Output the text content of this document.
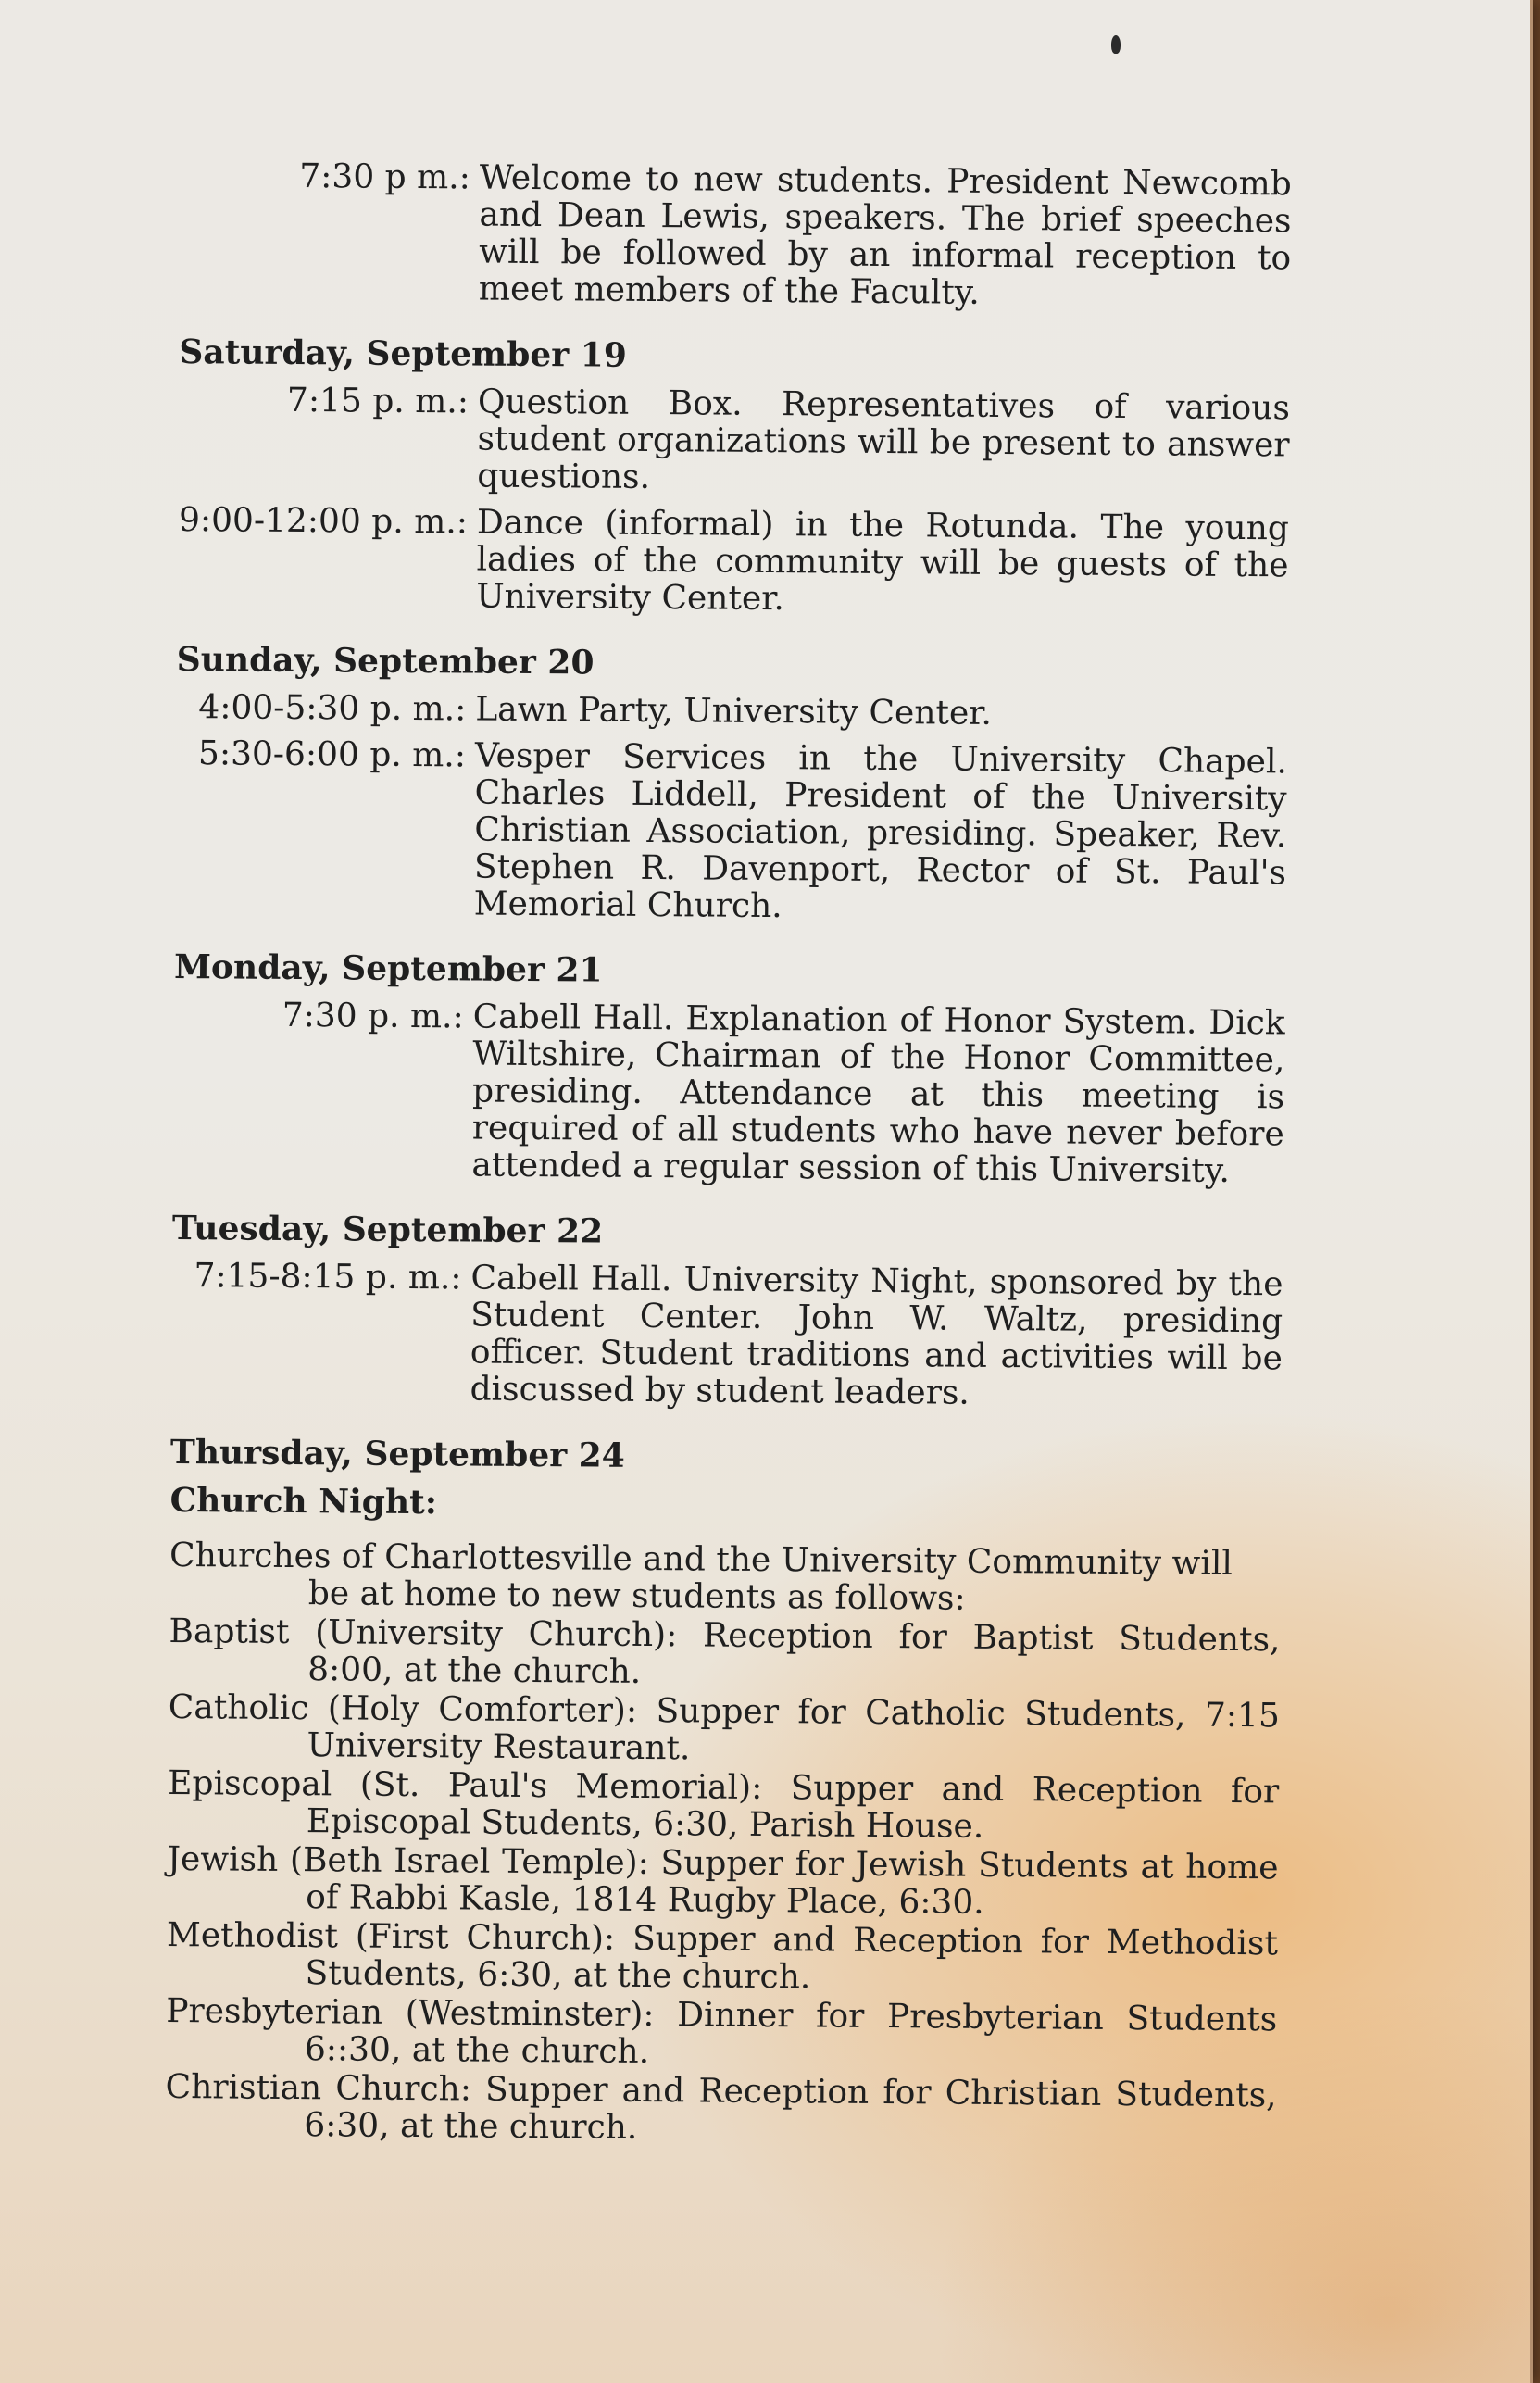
7:30 p m.: Welcome to new students. President Newcomb and Dean Lewis, speakers. The brief speeches will be followed by an informal reception to meet members of the Faculty.
Saturday, September 19
7:15 p. m.: Question Box. Representatives of various student organizations will be present to answer questions.
9:00-12:00 p. m.: Dance (informal) in the Rotunda. The young ladies of the community will be guests of the University Center.
Sunday, September 20
4:00-5:30 p. m.: Lawn Party, University Center.
5:30-6:00 p. m.: Vesper Services in the University Chapel. Charles Liddell, President of the University Christian Association, presiding. Speaker, Rev. Stephen R. Davenport, Rector of St. Paul's Memorial Church.
Monday, September 21
7:30 p. m.: Cabell Hall. Explanation of Honor System. Dick Wiltshire, Chairman of the Honor Committee, presiding. Attendance at this meeting is required of all students who have never before attended a regular session of this University.
Tuesday, September 22
7:15-8:15 p. m.: Cabell Hall. University Night, sponsored by the Student Center. John W. Waltz, presiding officer. Student traditions and activities will be discussed by student leaders.
Thursday, September 24
Church Night:
Churches of Charlottesville and the University Community will be at home to new students as follows:
Baptist (University Church): Reception for Baptist Students, 8:00, at the church.
Catholic (Holy Comforter): Supper for Catholic Students, 7:15 University Restaurant.
Episcopal (St. Paul's Memorial): Supper and Reception for Episcopal Students, 6:30, Parish House.
Jewish (Beth Israel Temple): Supper for Jewish Students at home of Rabbi Kasle, 1814 Rugby Place, 6:30.
Methodist (First Church): Supper and Reception for Methodist Students, 6:30, at the church.
Presbyterian (Westminster): Dinner for Presbyterian Students 6::30, at the church.
Christian Church: Supper and Reception for Christian Students, 6:30, at the church.
